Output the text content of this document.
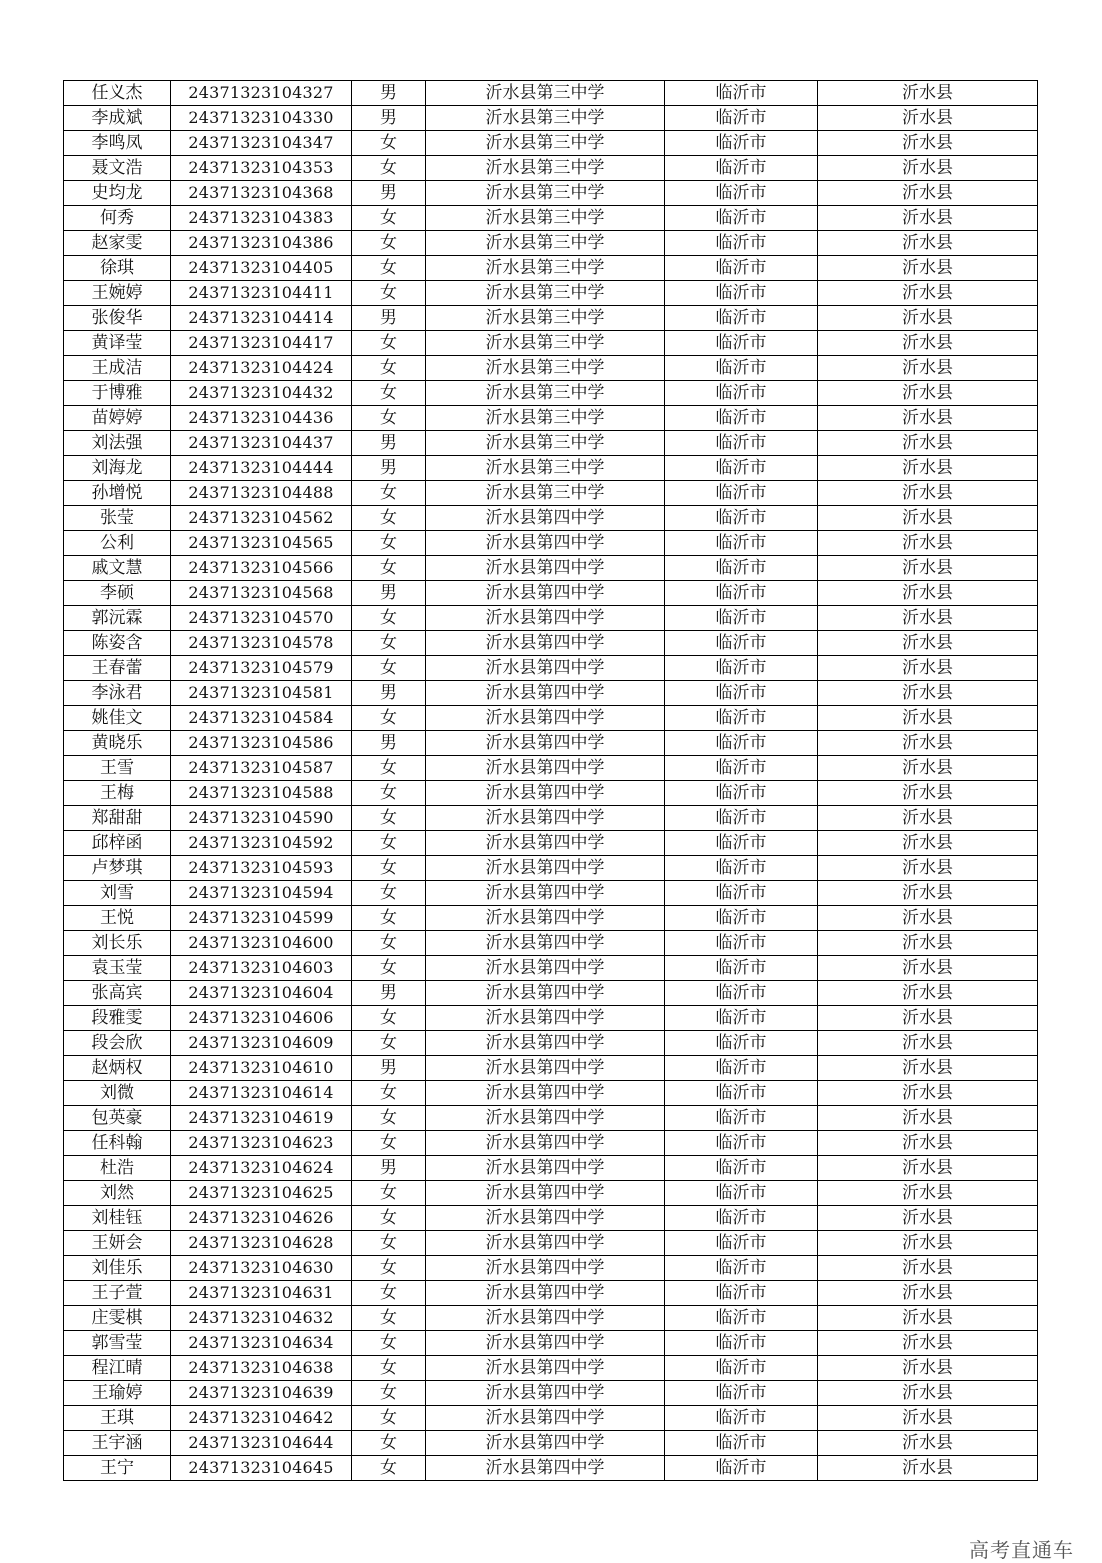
任义杰	24371323104327	男	沂水县第三中学	临沂市	沂水县
李成斌	24371323104330	男	沂水县第三中学	临沂市	沂水县
李鸣凤	24371323104347	女	沂水县第三中学	临沂市	沂水县
聂文浩	24371323104353	女	沂水县第三中学	临沂市	沂水县
史均龙	24371323104368	男	沂水县第三中学	临沂市	沂水县
何秀	24371323104383	女	沂水县第三中学	临沂市	沂水县
赵家雯	24371323104386	女	沂水县第三中学	临沂市	沂水县
徐琪	24371323104405	女	沂水县第三中学	临沂市	沂水县
王婉婷	24371323104411	女	沂水县第三中学	临沂市	沂水县
张俊华	24371323104414	男	沂水县第三中学	临沂市	沂水县
黄译莹	24371323104417	女	沂水县第三中学	临沂市	沂水县
王成洁	24371323104424	女	沂水县第三中学	临沂市	沂水县
于博雅	24371323104432	女	沂水县第三中学	临沂市	沂水县
苗婷婷	24371323104436	女	沂水县第三中学	临沂市	沂水县
刘法强	24371323104437	男	沂水县第三中学	临沂市	沂水县
刘海龙	24371323104444	男	沂水县第三中学	临沂市	沂水县
孙增悦	24371323104488	女	沂水县第三中学	临沂市	沂水县
张莹	24371323104562	女	沂水县第四中学	临沂市	沂水县
公利	24371323104565	女	沂水县第四中学	临沂市	沂水县
戚文慧	24371323104566	女	沂水县第四中学	临沂市	沂水县
李硕	24371323104568	男	沂水县第四中学	临沂市	沂水县
郭沅霖	24371323104570	女	沂水县第四中学	临沂市	沂水县
陈姿含	24371323104578	女	沂水县第四中学	临沂市	沂水县
王春蕾	24371323104579	女	沂水县第四中学	临沂市	沂水县
李泳君	24371323104581	男	沂水县第四中学	临沂市	沂水县
姚佳文	24371323104584	女	沂水县第四中学	临沂市	沂水县
黄晓乐	24371323104586	男	沂水县第四中学	临沂市	沂水县
王雪	24371323104587	女	沂水县第四中学	临沂市	沂水县
王梅	24371323104588	女	沂水县第四中学	临沂市	沂水县
郑甜甜	24371323104590	女	沂水县第四中学	临沂市	沂水县
邱梓函	24371323104592	女	沂水县第四中学	临沂市	沂水县
卢梦琪	24371323104593	女	沂水县第四中学	临沂市	沂水县
刘雪	24371323104594	女	沂水县第四中学	临沂市	沂水县
王悦	24371323104599	女	沂水县第四中学	临沂市	沂水县
刘长乐	24371323104600	女	沂水县第四中学	临沂市	沂水县
袁玉莹	24371323104603	女	沂水县第四中学	临沂市	沂水县
张高宾	24371323104604	男	沂水县第四中学	临沂市	沂水县
段雅雯	24371323104606	女	沂水县第四中学	临沂市	沂水县
段会欣	24371323104609	女	沂水县第四中学	临沂市	沂水县
赵炳权	24371323104610	男	沂水县第四中学	临沂市	沂水县
刘微	24371323104614	女	沂水县第四中学	临沂市	沂水县
包英豪	24371323104619	女	沂水县第四中学	临沂市	沂水县
任科翰	24371323104623	女	沂水县第四中学	临沂市	沂水县
杜浩	24371323104624	男	沂水县第四中学	临沂市	沂水县
刘然	24371323104625	女	沂水县第四中学	临沂市	沂水县
刘桂钰	24371323104626	女	沂水县第四中学	临沂市	沂水县
王妍会	24371323104628	女	沂水县第四中学	临沂市	沂水县
刘佳乐	24371323104630	女	沂水县第四中学	临沂市	沂水县
王子萱	24371323104631	女	沂水县第四中学	临沂市	沂水县
庄雯棋	24371323104632	女	沂水县第四中学	临沂市	沂水县
郭雪莹	24371323104634	女	沂水县第四中学	临沂市	沂水县
程江晴	24371323104638	女	沂水县第四中学	临沂市	沂水县
王瑜婷	24371323104639	女	沂水县第四中学	临沂市	沂水县
王琪	24371323104642	女	沂水县第四中学	临沂市	沂水县
王宇涵	24371323104644	女	沂水县第四中学	临沂市	沂水县
王宁	24371323104645	女	沂水县第四中学	临沂市	沂水县
高考直通车
